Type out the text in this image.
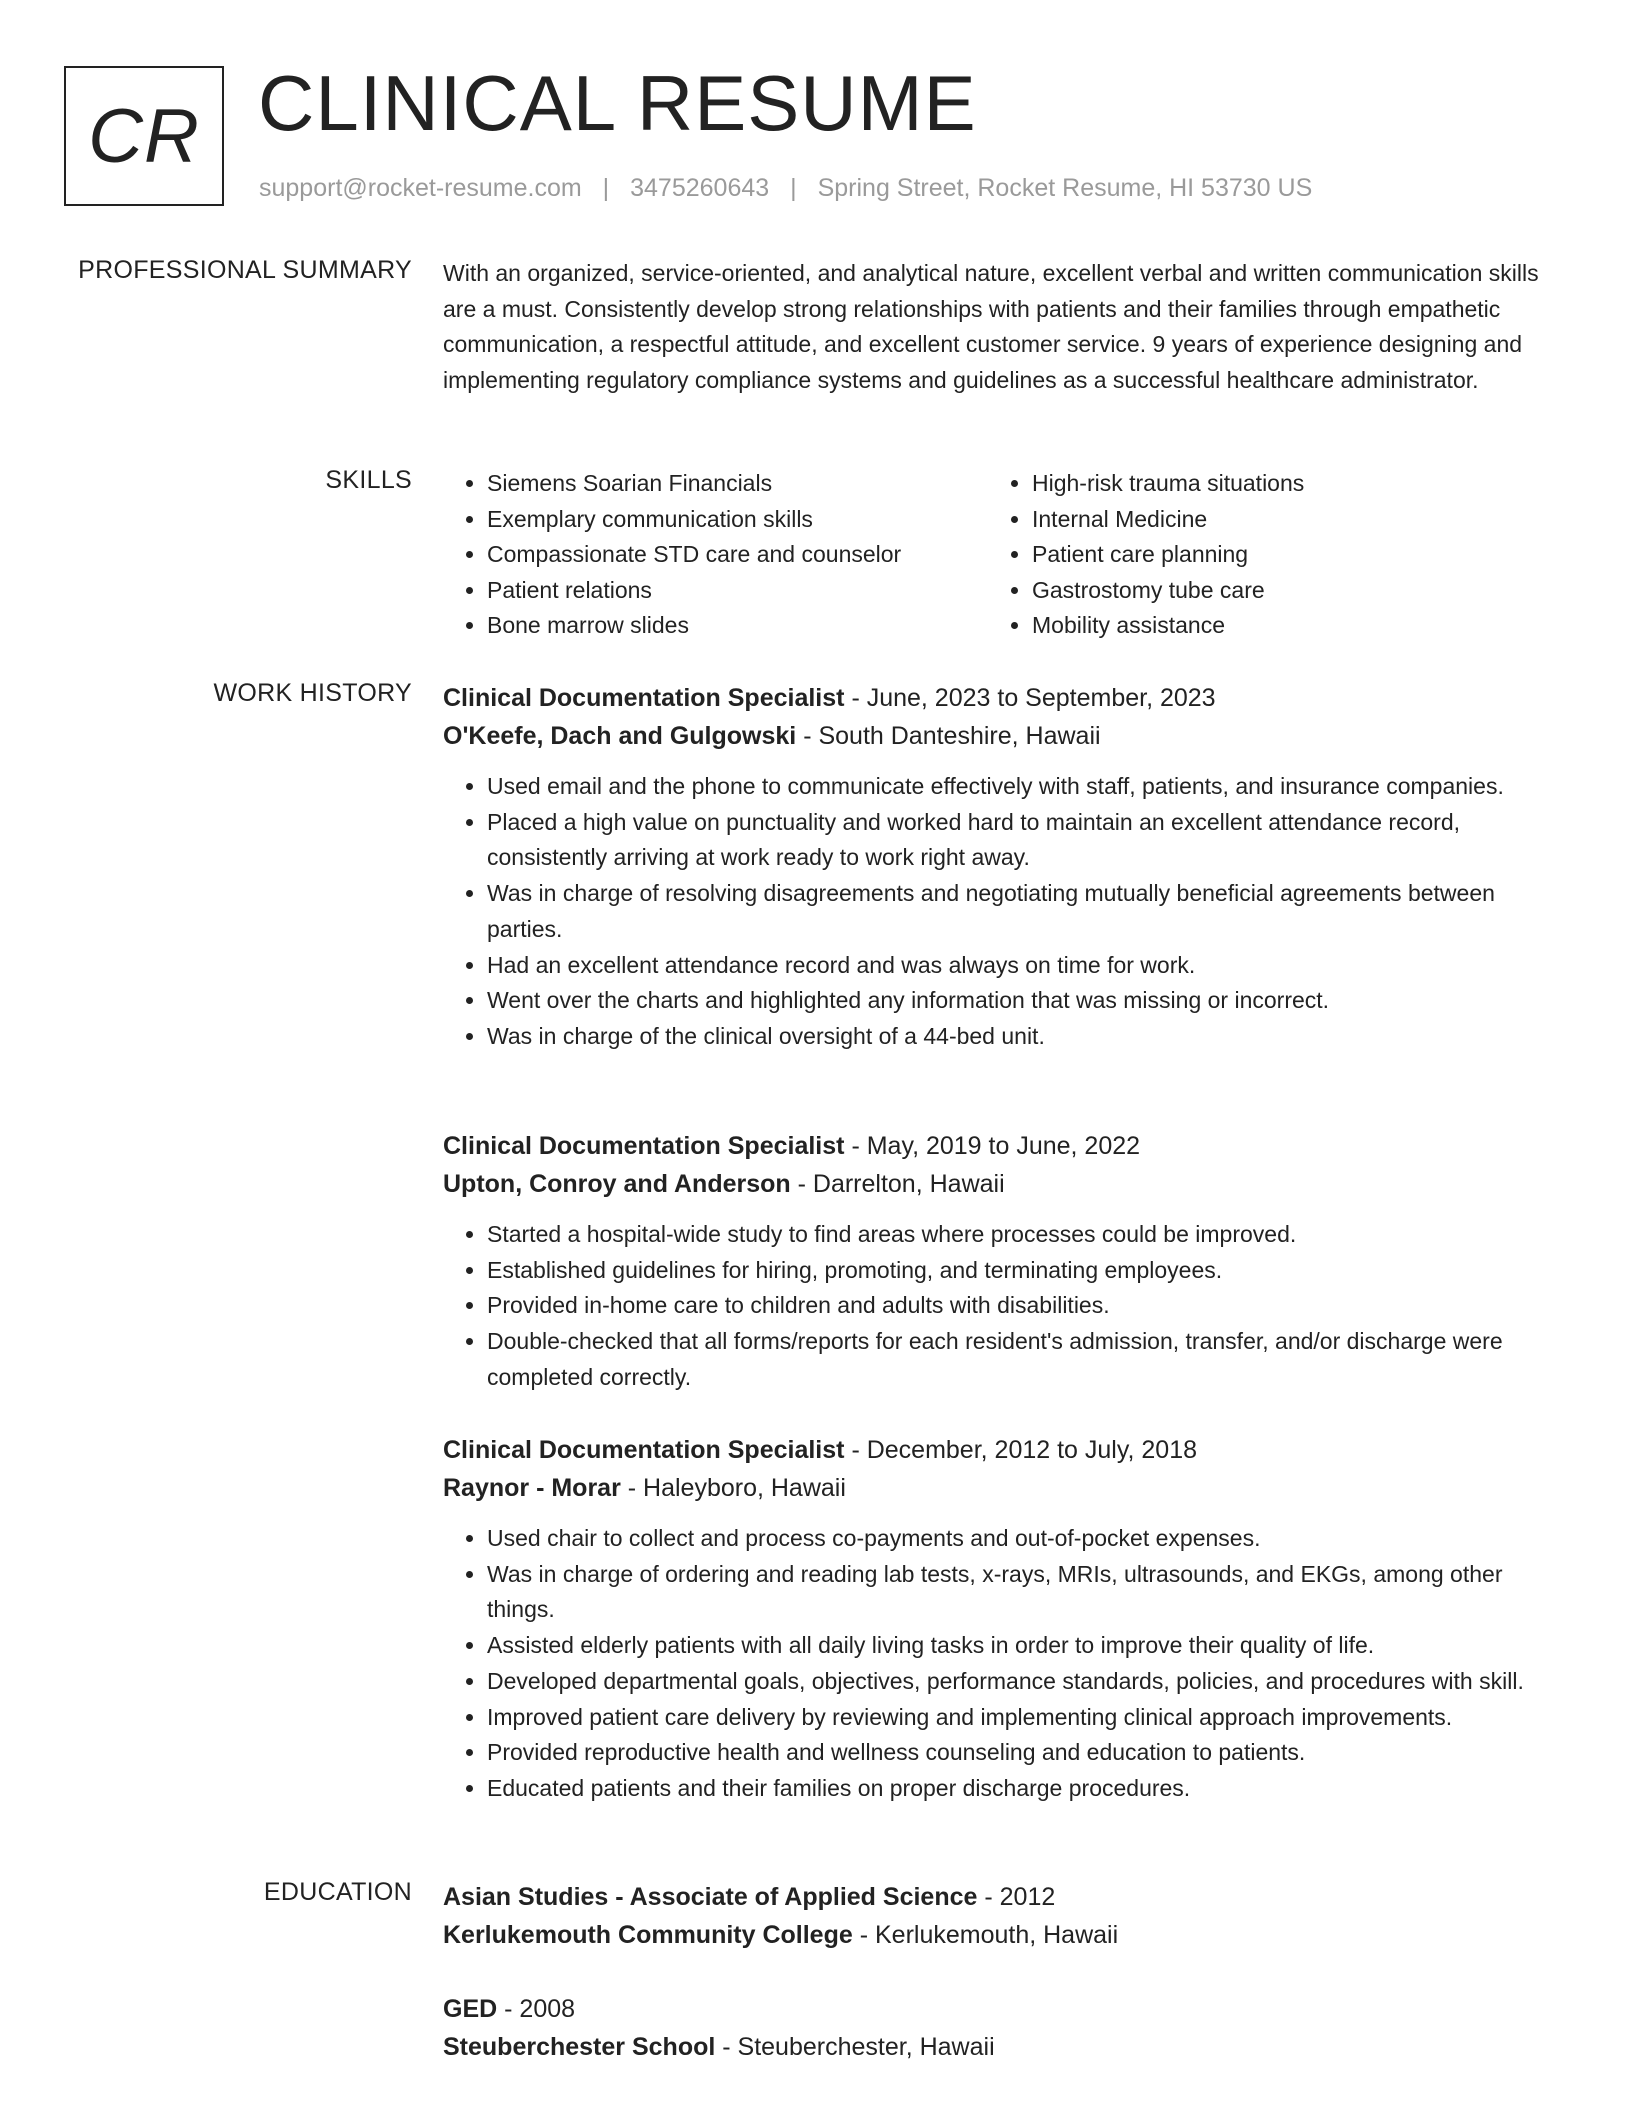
CR CLINICAL RESUME
support@rocket-resume.com | 3475260643 | Spring Street, Rocket Resume, HI 53730 US
PROFESSIONAL SUMMARY With an organized, service-oriented, and analytical nature, excellent verbal and written communication skills are a must. Consistently develop strong relationships with patients and their families through empathetic communication, a respectful attitude, and excellent customer service. 9 years of experience designing and implementing regulatory compliance systems and guidelines as a successful healthcare administrator.

SKILLS
•	Siemens Soarian Financials
• Exemplary communication skills
• Compassionate STD care and counselor
• Patient relations
• Bone marrow slides
• High-risk trauma situations
• Internal Medicine
• Patient care planning
• Gastrostomy tube care
• Mobility assistance
WORK HISTORY Clinical Documentation Specialist - June, 2023 to September, 2023
O'Keefe, Dach and Gulgowski - South Danteshire, Hawaii
• Used email and the phone to communicate effectively with staff, patients, and insurance companies.
• Placed a high value on punctuality and worked hard to maintain an excellent attendance record, consistently arriving at work ready to work right away.
• Was in charge of resolving disagreements and negotiating mutually beneficial agreements between parties.
• Had an excellent attendance record and was always on time for work.
• Went over the charts and highlighted any information that was missing or incorrect.
• Was in charge of the clinical oversight of a 44-bed unit.
Clinical Documentation Specialist - May, 2019 to June, 2022
Upton, Conroy and Anderson - Darrelton, Hawaii
• Started a hospital-wide study to find areas where processes could be improved.
• Established guidelines for hiring, promoting, and terminating employees.
• Provided in-home care to children and adults with disabilities.
• Double-checked that all forms/reports for each resident's admission, transfer, and/or discharge were completed correctly.
Clinical Documentation Specialist - December, 2012 to July, 2018
Raynor - Morar - Haleyboro, Hawaii
• Used chair to collect and process co-payments and out-of-pocket expenses.
• Was in charge of ordering and reading lab tests, x-rays, MRIs, ultrasounds, and EKGs, among other things.
• Assisted elderly patients with all daily living tasks in order to improve their quality of life.
• Developed departmental goals, objectives, performance standards, policies, and procedures with skill.
• Improved patient care delivery by reviewing and implementing clinical approach improvements.
• Provided reproductive health and wellness counseling and education to patients.
• Educated patients and their families on proper discharge procedures.
EDUCATION Asian Studies - Associate of Applied Science - 2012
Kerlukemouth Community College - Kerlukemouth, Hawaii
GED - 2008
Steuberchester School - Steuberchester, Hawaii
